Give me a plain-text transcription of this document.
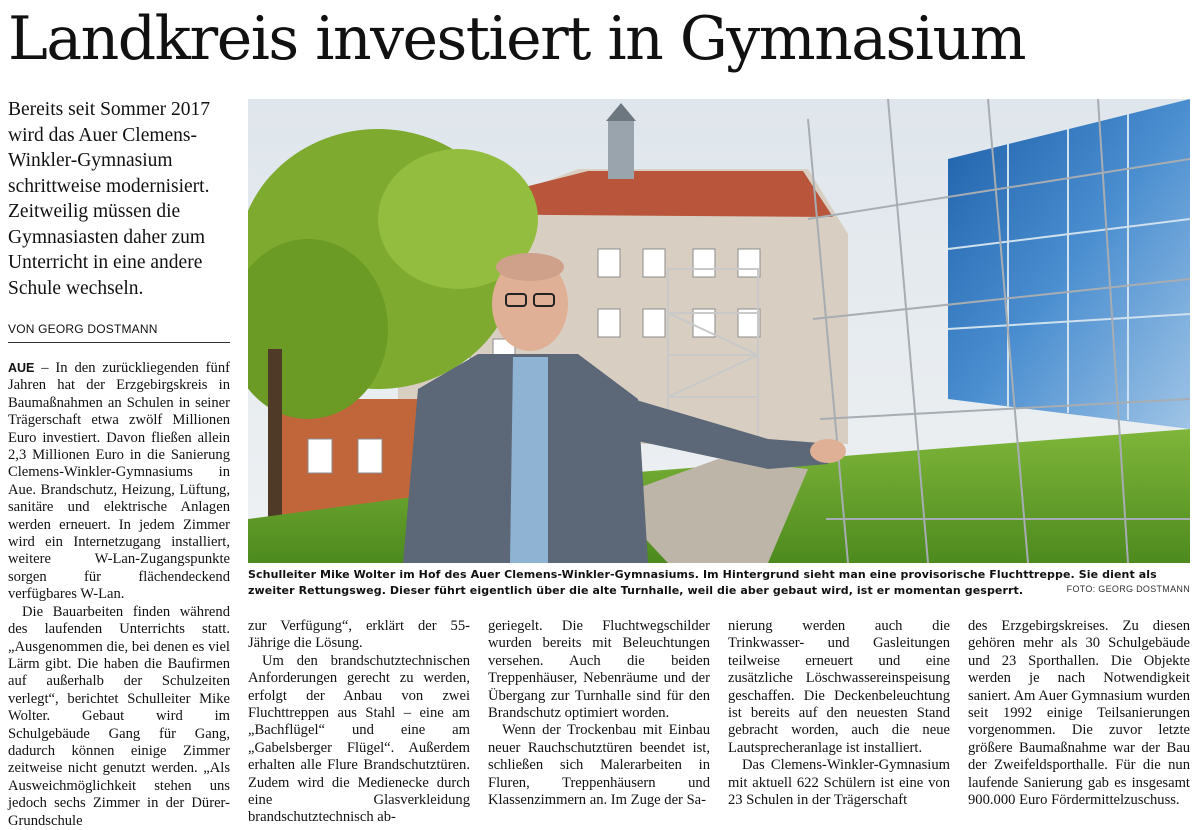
Landkreis investiert in Gymnasium

Bereits seit Sommer 2017 wird das Auer Clemens-Winkler-Gymnasium schrittweise modernisiert. Zeitweilig müssen die Gymnasiasten daher zum Unterricht in eine andere Schule wechseln.

VON GEORG DOSTMANN

AUE – In den zurückliegenden fünf Jahren hat der Erzgebirgskreis in Baumaßnahmen an Schulen in seiner Trägerschaft etwa zwölf Millionen Euro investiert. Davon fließen allein 2,3 Millionen Euro in die Sanierung Clemens-Winkler-Gymnasiums in Aue. Brandschutz, Heizung, Lüftung, sanitäre und elektrische Anlagen werden erneuert. In jedem Zimmer wird ein Internetzugang installiert, weitere W-Lan-Zugangspunkte sorgen für flächendeckend verfügbares W-Lan.

Die Bauarbeiten finden während des laufenden Unterrichts statt. „Ausgenommen die, bei denen es viel Lärm gibt. Die haben die Baufirmen auf außerhalb der Schulzeiten verlegt“, berichtet Schulleiter Mike Wolter. Gebaut wird im Schulgebäude Gang für Gang, dadurch können einige Zimmer zeitweise nicht genutzt werden. „Als Ausweichmöglichkeit stehen uns jedoch sechs Zimmer in der Dürer-Grundschule

zur Verfügung“, erklärt der 55-Jährige die Lösung.

Um den brandschutztechnischen Anforderungen gerecht zu werden, erfolgt der Anbau von zwei Fluchttreppen aus Stahl – eine am „Bachflügel“ und eine am „Gabelsberger Flügel“. Außerdem erhalten alle Flure Brandschutztüren. Zudem wird die Medienecke durch eine Glasverkleidung brandschutztechnisch ab-

geriegelt. Die Fluchtwegschilder wurden bereits mit Beleuchtungen versehen. Auch die beiden Treppenhäuser, Nebenräume und der Übergang zur Turnhalle sind für den Brandschutz optimiert worden.

Wenn der Trockenbau mit Einbau neuer Rauchschutztüren beendet ist, schließen sich Malerarbeiten in Fluren, Treppenhäusern und Klassenzimmern an. Im Zuge der Sa-

nierung werden auch die Trinkwasser- und Gasleitungen teilweise erneuert und eine zusätzliche Löschwassereinspeisung geschaffen. Die Deckenbeleuchtung ist bereits auf den neuesten Stand gebracht worden, auch die neue Lautsprecheranlage ist installiert.

Das Clemens-Winkler-Gymnasium mit aktuell 622 Schülern ist eine von 23 Schulen in der Trägerschaft

des Erzgebirgskreises. Zu diesen gehören mehr als 30 Schulgebäude und 23 Sporthallen. Die Objekte werden je nach Notwendigkeit saniert. Am Auer Gymnasium wurden seit 1992 einige Teilsanierungen vorgenommen. Die zuvor letzte größere Baumaßnahme war der Bau der Zweifeldsporthalle. Für die nun laufende Sanierung gab es insgesamt 900.000 Euro Fördermittelzuschuss.

Schulleiter Mike Wolter im Hof des Auer Clemens-Winkler-Gymnasiums. Im Hintergrund sieht man eine provisorische Fluchttreppe. Sie dient als zweiter Rettungsweg. Dieser führt eigentlich über die alte Turnhalle, weil die aber gebaut wird, ist er momentan gesperrt.	FOTO: GEORG DOSTMANN
